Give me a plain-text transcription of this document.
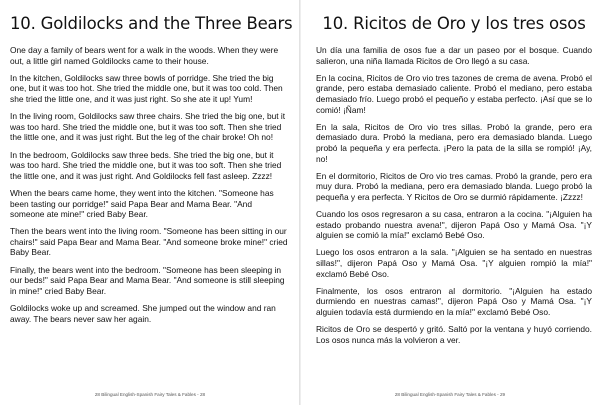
10. Goldilocks and the Three Bears

One day a family of bears went for a walk in the woods. When they were out, a little girl named Goldilocks came to their house.

In the kitchen, Goldilocks saw three bowls of porridge. She tried the big one, but it was too hot. She tried the middle one, but it was too cold. Then she tried the little one, and it was just right. So she ate it up! Yum!

In the living room, Goldilocks saw three chairs. She tried the big one, but it was too hard. She tried the middle one, but it was too soft. Then she tried the little one, and it was just right. But the leg of the chair broke! Oh no!

In the bedroom, Goldilocks saw three beds. She tried the big one, but it was too hard. She tried the middle one, but it was too soft. Then she tried the little one, and it was just right. And Goldilocks fell fast asleep. Zzzz!

When the bears came home, they went into the kitchen. "Someone has been tasting our porridge!" said Papa Bear and Mama Bear. "And someone ate mine!" cried Baby Bear.

Then the bears went into the living room. "Someone has been sitting in our chairs!" said Papa Bear and Mama Bear. "And someone broke mine!" cried Baby Bear.

Finally, the bears went into the bedroom. "Someone has been sleeping in our beds!" said Papa Bear and Mama Bear. "And someone is still sleeping in mine!" cried Baby Bear.

Goldilocks woke up and screamed. She jumped out the window and ran away. The bears never saw her again.

28 Bilingual English-Spanish Fairy Tales & Fables - 28
10. Ricitos de Oro y los tres osos

Un día una familia de osos fue a dar un paseo por el bosque. Cuando salieron, una niña llamada Ricitos de Oro llegó a su casa.

En la cocina, Ricitos de Oro vio tres tazones de crema de avena. Probó el grande, pero estaba demasiado caliente. Probó el mediano, pero estaba demasiado frío. Luego probó el pequeño y estaba perfecto. ¡Así que se lo comió! ¡Ñam!

En la sala, Ricitos de Oro vio tres sillas. Probó la grande, pero era demasiado dura. Probó la mediana, pero era demasiado blanda. Luego probó la pequeña y era perfecta. ¡Pero la pata de la silla se rompió! ¡Ay, no!

En el dormitorio, Ricitos de Oro vio tres camas. Probó la grande, pero era muy dura. Probó la mediana, pero era demasiado blanda. Luego probó la pequeña y era perfecta. Y Ricitos de Oro se durmió rápidamente. ¡Zzzz!

Cuando los osos regresaron a su casa, entraron a la cocina. "¡Alguien ha estado probando nuestra avena!", dijeron Papá Oso y Mamá Osa. "¡Y alguien se comió la mía!" exclamó Bebé Oso.

Luego los osos entraron a la sala. "¡Alguien se ha sentado en nuestras sillas!", dijeron Papá Oso y Mamá Osa. "¡Y alguien rompió la mía!" exclamó Bebé Oso.

Finalmente, los osos entraron al dormitorio. "¡Alguien ha estado durmiendo en nuestras camas!", dijeron Papá Oso y Mamá Osa. "¡Y alguien todavía está durmiendo en la mía!" exclamó Bebé Oso.

Ricitos de Oro se despertó y gritó. Saltó por la ventana y huyó corriendo. Los osos nunca más la volvieron a ver.

28 Bilingual English-Spanish Fairy Tales & Fables - 29
